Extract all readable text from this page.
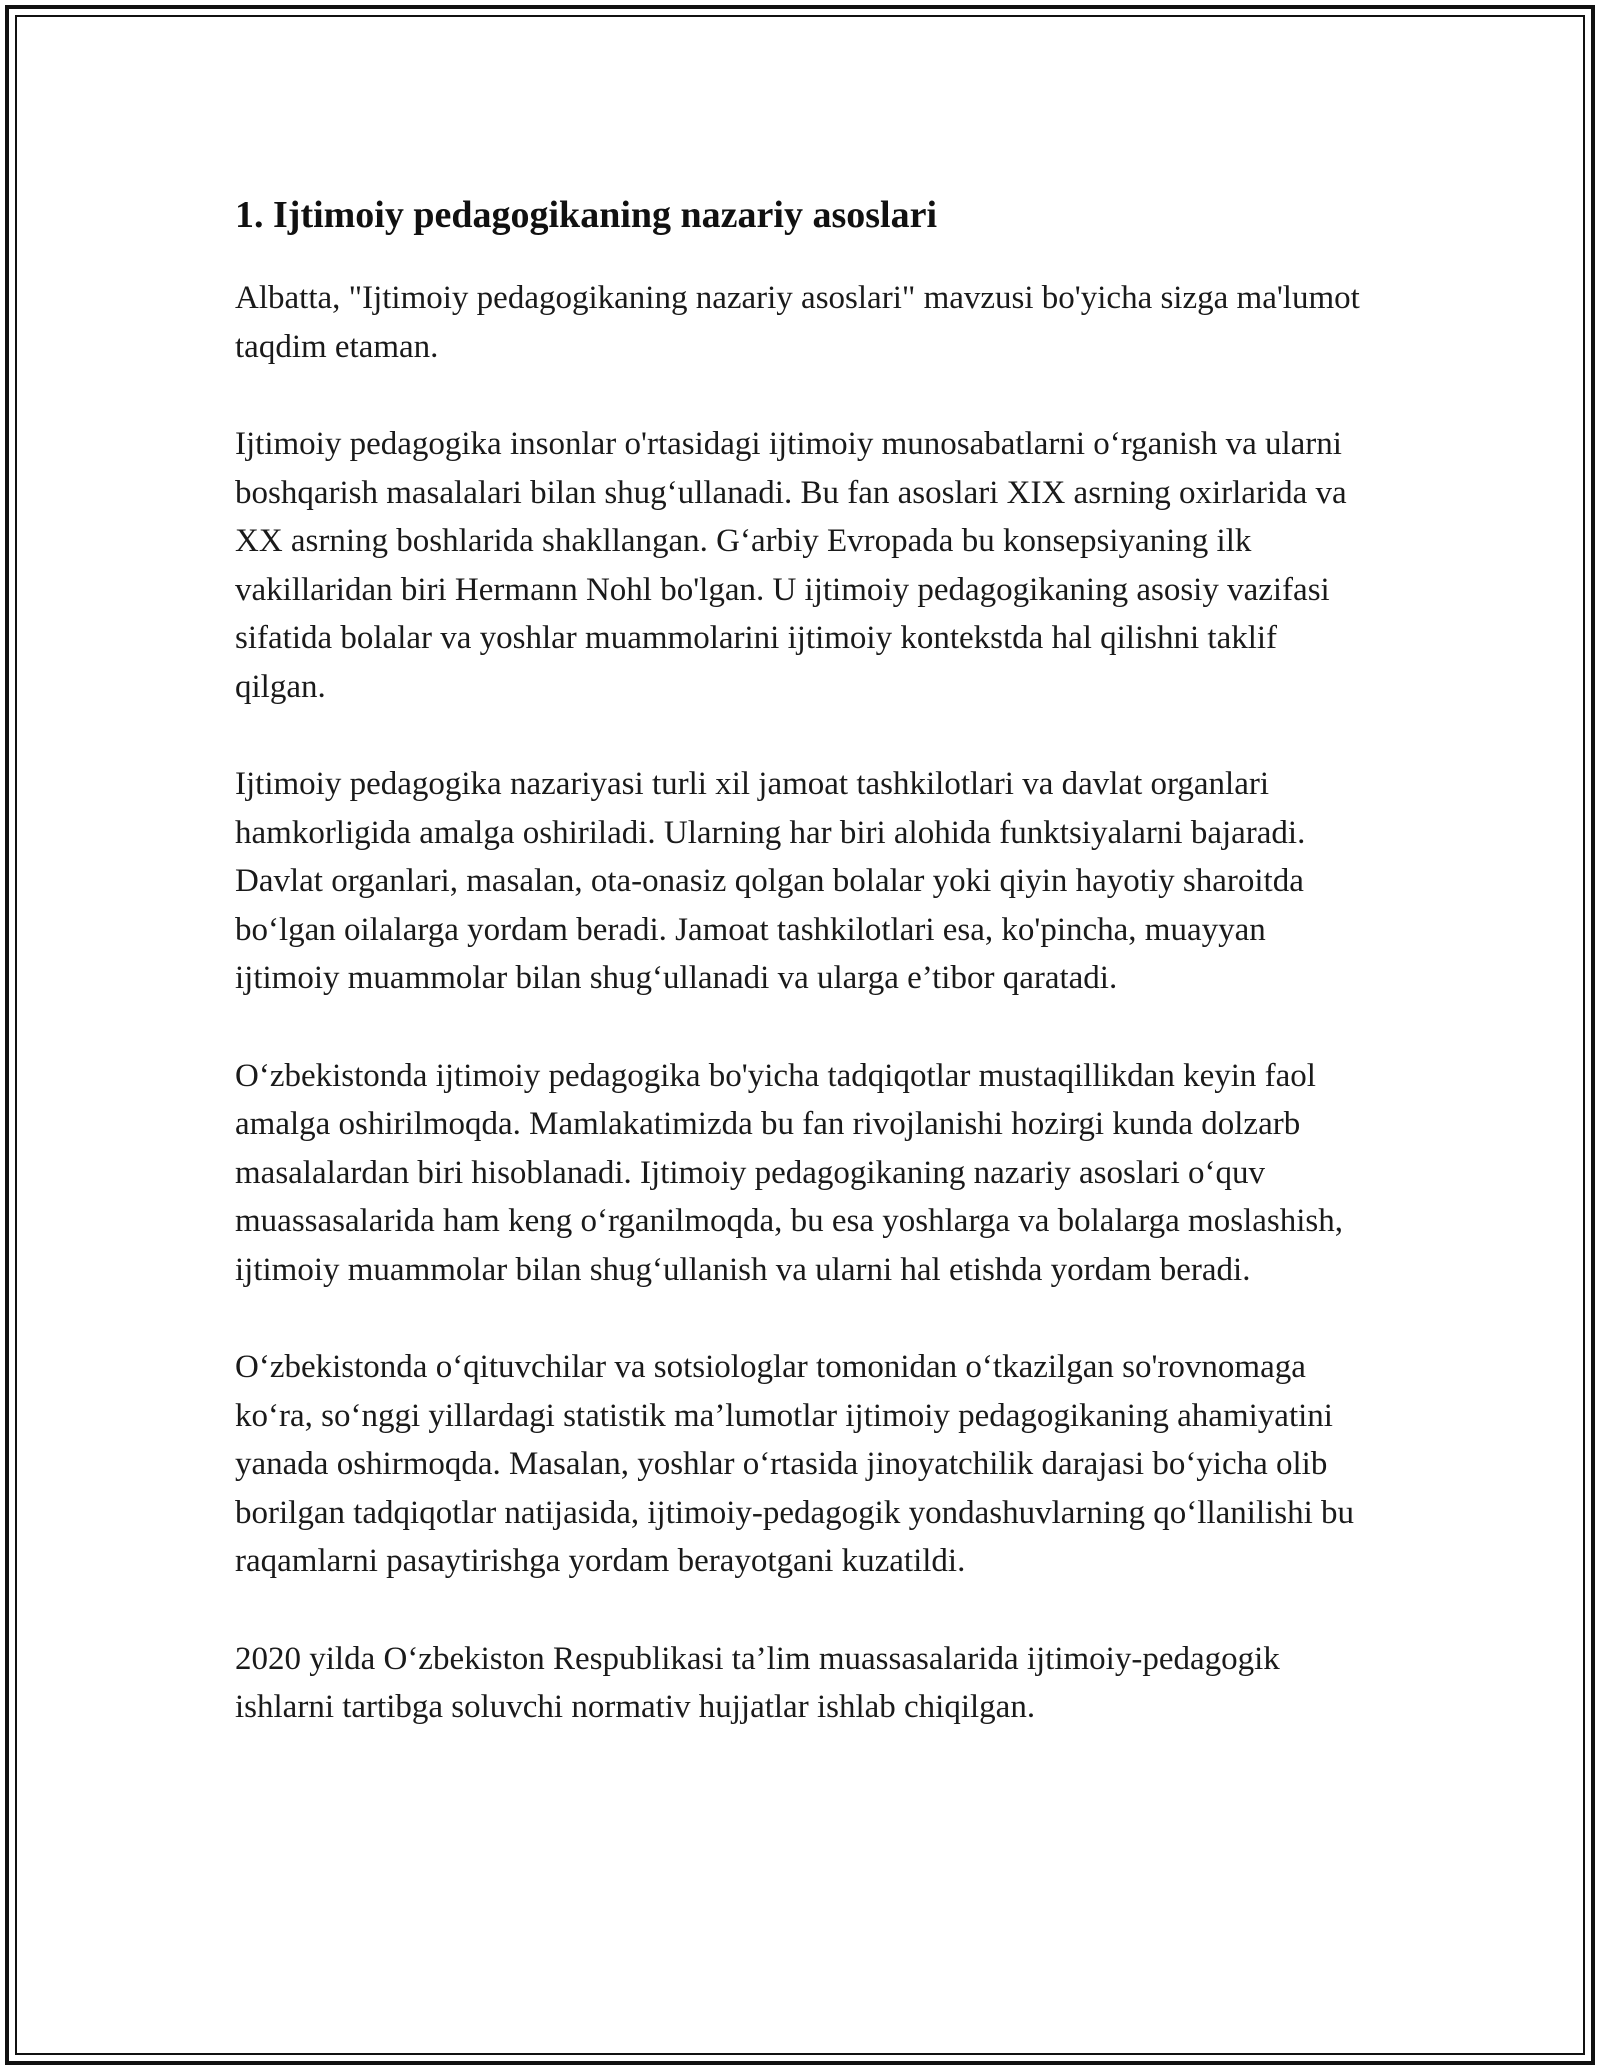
1. Ijtimoiy pedagogikaning nazariy asoslari

Albatta, "Ijtimoiy pedagogikaning nazariy asoslari" mavzusi bo'yicha sizga ma'lumot taqdim etaman.

Ijtimoiy pedagogika insonlar o'rtasidagi ijtimoiy munosabatlarni o‘rganish va ularni boshqarish masalalari bilan shug‘ullanadi. Bu fan asoslari XIX asrning oxirlarida va XX asrning boshlarida shakllangan. G‘arbiy Evropada bu konsepsiyaning ilk vakillaridan biri Hermann Nohl bo'lgan. U ijtimoiy pedagogikaning asosiy vazifasi sifatida bolalar va yoshlar muammolarini ijtimoiy kontekstda hal qilishni taklif qilgan.

Ijtimoiy pedagogika nazariyasi turli xil jamoat tashkilotlari va davlat organlari hamkorligida amalga oshiriladi. Ularning har biri alohida funktsiyalarni bajaradi. Davlat organlari, masalan, ota-onasiz qolgan bolalar yoki qiyin hayotiy sharoitda bo‘lgan oilalarga yordam beradi. Jamoat tashkilotlari esa, ko'pincha, muayyan ijtimoiy muammolar bilan shug‘ullanadi va ularga e’tibor qaratadi.

O‘zbekistonda ijtimoiy pedagogika bo'yicha tadqiqotlar mustaqillikdan keyin faol amalga oshirilmoqda. Mamlakatimizda bu fan rivojlanishi hozirgi kunda dolzarb masalalardan biri hisoblanadi. Ijtimoiy pedagogikaning nazariy asoslari o‘quv muassasalarida ham keng o‘rganilmoqda, bu esa yoshlarga va bolalarga moslashish, ijtimoiy muammolar bilan shug‘ullanish va ularni hal etishda yordam beradi.

O‘zbekistonda o‘qituvchilar va sotsiologlar tomonidan o‘tkazilgan so'rovnomaga ko‘ra, so‘nggi yillardagi statistik ma’lumotlar ijtimoiy pedagogikaning ahamiyatini yanada oshirmoqda. Masalan, yoshlar o‘rtasida jinoyatchilik darajasi bo‘yicha olib borilgan tadqiqotlar natijasida, ijtimoiy-pedagogik yondashuvlarning qo‘llanilishi bu raqamlarni pasaytirishga yordam berayotgani kuzatildi.

2020 yilda O‘zbekiston Respublikasi ta’lim muassasalarida ijtimoiy-pedagogik ishlarni tartibga soluvchi normativ hujjatlar ishlab chiqilgan.
